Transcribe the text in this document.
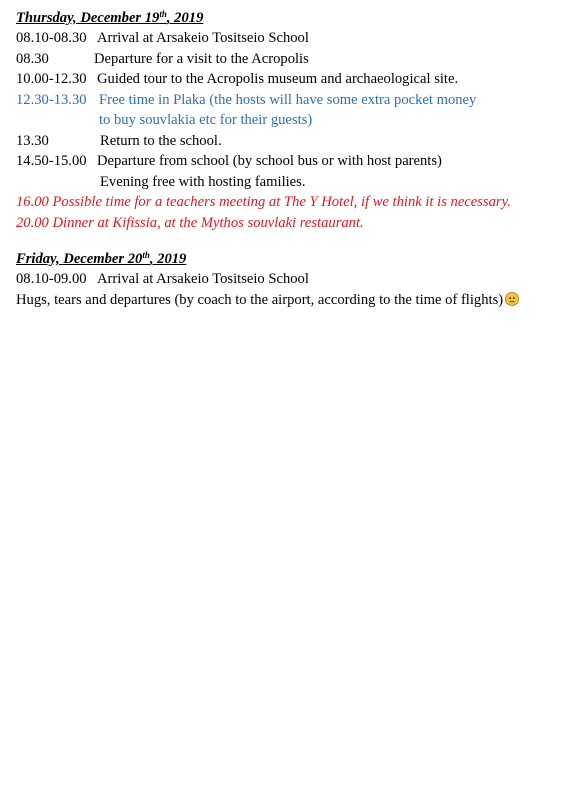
Thursday, December 19th, 2019
08.10-08.30 Arrival at Arsakeio Tositseio School
08.30	Departure for a visit to the Acropolis
10.00-12.30 Guided tour to the Acropolis museum and archaeological site.
12.30-13.30 Free time in Plaka (the hosts will have some extra pocket money
to buy souvlakia etc for their guests)
13.30	Return to the school.
14.50-15.00 Departure from school (by school bus or with host parents)
Evening free with hosting families.
16.00 Possible time for a teachers meeting at The Y Hotel, if we think it is necessary.
20.00 Dinner at Kifissia, at the Mythos souvlaki restaurant.
Friday, December 20th, 2019
08.10-09.00 Arrival at Arsakeio Tositseio School
Hugs, tears and departures (by coach to the airport, according to the time of flights)
